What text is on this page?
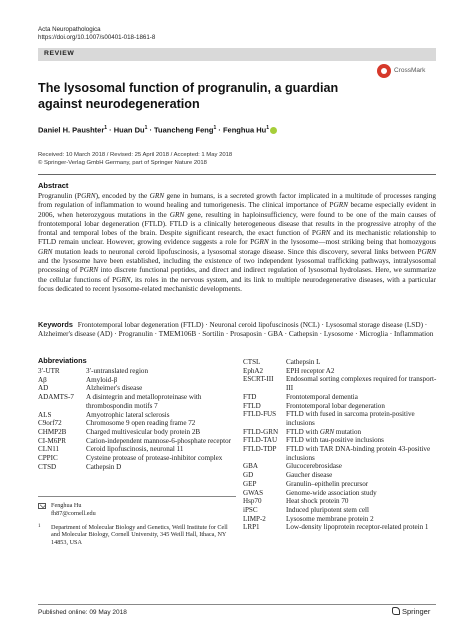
Acta Neuropathologica
https://doi.org/10.1007/s00401-018-1861-8
REVIEW
CrossMark
The lysosomal function of progranulin, a guardian against neurodegeneration
Daniel H. Paushter$^1$ · Huan $Du^1$ · Tuancheng Feng$^1$ · Fenghua Hu$^1$
Received: 10 March 2018 / Revised: 25 April 2018 / Accepted: 1 May 2018
© Springer-Verlag GmbH Germany, part of Springer Nature 2018
Abstract
Progranulin (PGRN), encoded by the GRN gene in humans, is a secreted growth factor implicated in a multitude of processes ranging from regulation of inflammation to wound healing and tumorigenesis. The clinical importance of PGRN became especially evident in 2006, when heterozygous mutations in the GRN gene, resulting in haploinsufficiency, were found to be one of the main causes of frontotemporal lobar degeneration (FTLD). FTLD is a clinically heterogeneous disease that results in the progressive atrophy of the frontal and temporal lobes of the brain. Despite significant research, the exact function of PGRN and its mechanistic relationship to FTLD remain unclear. However, growing evidence suggests a role for PGRN in the lysosome—most striking being that homozygous GRN mutation leads to neuronal ceroid lipofuscinosis, a lysosomal storage disease. Since this discovery, several links between PGRN and the lysosome have been established, including the existence of two independent lysosomal trafficking pathways, intralysosomal processing of PGRN into discrete functional peptides, and direct and indirect regulation of lysosomal hydrolases. Here, we summarize the cellular functions of PGRN, its roles in the nervous system, and its link to multiple neurodegenerative diseases, with a particular focus dedicated to recent lysosome-related mechanistic developments.
Keywords Frontotemporal lobar degeneration (FTLD) · Neuronal ceroid lipofuscinosis (NCL) · Lysosomal storage disease (LSD) · Alzheimer's disease (AD) · Progranulin · TMEM106B · Sortilin · Prosaposin · GBA · Cathepsin · Lysosome · Microglia · Inflammation
Abbreviations
3′-UTR	3′-untranslated region
Aβ	Amyloid-β
AD	Alzheimer's disease
ADAMTS-7 A disintegrin and metalloproteinase with thrombospondin motifs 7
ALS	Amyotrophic lateral sclerosis
C9orf72	Chromosome 9 open reading frame 72
CHMP2B	Charged multivesicular body protein 2B
CI-M6PR	Cation-independent mannose-6-phosphate receptor
CLN11	Ceroid lipofuscinosis, neuronal 11
CPPIC	Cysteine protease of protease-inhibitor complex
CTSD	Cathepsin D
CTSL	Cathepsin L
EphA2	EPH receptor A2
ESCRT-III Endosomal sorting complexes required for transport-III
FTD	Frontotemporal dementia
FTLD	Frontotemporal lobar degeneration
FTLD-FUS FTLD with fused in sarcoma protein-positive inclusions
FTLD-GRN FTLD with GRN mutation
FTLD-TAU FTLD with tau-positive inclusions
FTLD-TDP FTLD with TAR DNA-binding protein 43-positive inclusions
GBA	Glucocerebrosidase
GD	Gaucher disease
GEP	Granulin–epithelin precursor
GWAS	Genome-wide association study
Hsp70	Heat shock protein 70
iPSC	Induced pluripotent stem cell
LIMP-2	Lysosome membrane protein 2
LRP1	Low-density lipoprotein receptor-related protein 1
Fenghua Hu
fh87@cornell.edu
1 Department of Molecular Biology and Genetics, Weill Institute for Cell and Molecular Biology, Cornell University, 345 Weill Hall, Ithaca, NY 14853, USA
Published online: 09 May 2018	Springer
